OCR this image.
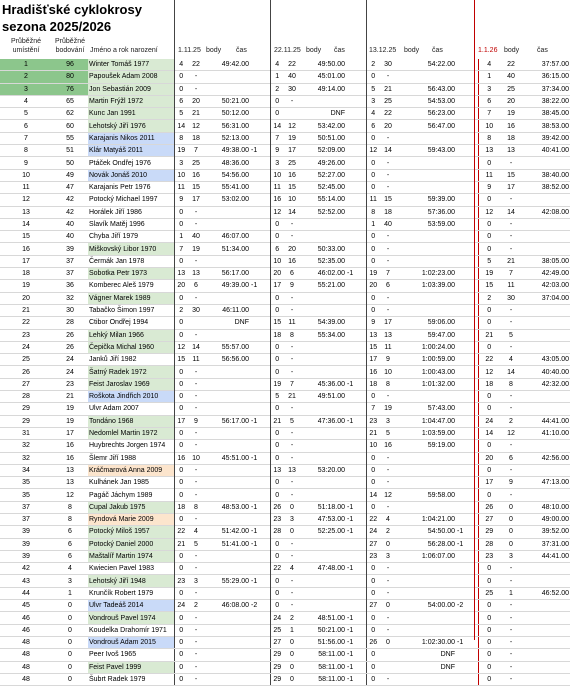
Hradišťské cyklokrosy
sezona 2025/2026
Průběžné
umístění
Průběžné
bodování Jméno a rok narození	1.11.25 body čas	22.11.25 body čas	13.12.25 body čas	1.1.26 body	čas
1	96	Winter Tomáš 1977	4	22	49:42.00		4	22	49:50.00		2	30	54:22.00		4	22	37:57.00
2	80	Papoušek Adam 2008	0	-			1	40	45:01.00		0	-			1	40	36:15.00
3	76	Jon Sebastián 2009	0	-			2	30	49:14.00		5	21	56:43.00		3	25	37:34.00
4	65	Martin Frýžl 1972	6	20	50:21.00		0	-			3	25	54:53.00		6	20	38:22.00
5	62	Kunc Jan 1991	5	21	50:12.00		0		DNF		4	22	56:23.00		7	19	38:45.00
6	60	Lehotský Jiří 1976	14	12	56:31.00		14	12	53:42.00		6	20	56:47.00		10	16	38:53.00
7	55	Karajanis Nikos 2011	8	18	52:13.00		7	19	50:51.00		0	-			8	18	39:42.00
8	51	Klár Matyáš 2011	19	7	49:38.00	-1	9	17	52:09.00		12	14	59:43.00		13	13	40:41.00
9	50	Ptáček Ondřej 1976	3	25	48:36.00		3	25	49:26.00		0	-			0	-	
10	49	Novák Jonáš 2010	10	16	54:56.00		10	16	52:27.00		0	-			11	15	38:40.00
11	47	Karajanis Petr 1976	11	15	55:41.00		11	15	52:45.00		0	-			9	17	38:52.00
12	42	Potocký Michael 1997	9	17	53:02.00		16	10	55:14.00		11	15	59:39.00		0	-	
13	42	Horálek Jiří 1986	0	-			12	14	52:52.00		8	18	57:36.00		12	14	42:08.00
14	40	Slavík Matěj 1996	0	-			0	-			1	40	53:59.00		0	-	
15	40	Chyba Jiří 1979	1	40	46:07.00		0	-			0	-			0	-	
16	39	Miškovský Libor 1970	7	19	51:34.00		6	20	50:33.00		0	-			0	-	
17	37	Čermák Jan 1978	0	-			10	16	52:35.00		0	-			5	21	38:05.00
18	37	Sobotka Petr 1973	13	13	56:17.00		20	6	46:02.00	-1	19	7	1:02:23.00		19	7	42:49.00
19	36	Komberec Aleš 1979	20	6	49:39.00	-1	17	9	55:21.00		20	6	1:03:39.00		15	11	42:03.00
20	32	Vágner Marek 1989	0	-			0	-			0	-			2	30	37:04.00
21	30	Tabačko Šimon 1997	2	30	46:11.00		0	-			0	-			0	-	
22	28	Ctibor Ondřej 1994	0		DNF		15	11	54:39.00		9	17	59:06.00		0	-	
23	26	Lehký Milan 1966	0	-			18	8	55:34.00		13	13	59:47.00		21	5	
24	26	Čepička Michal 1960	12	14	55:57.00		0	-			15	11	1:00:24.00		0	-	
25	24	Janků Jiří 1982	15	11	56:56.00		0	-			17	9	1:00:59.00		22	4	43:05.00
26	24	Šatný Radek 1972	0	-			0	-			16	10	1:00:43.00		12	14	40:40.00
27	23	Feist Jaroslav 1969	0	-			19	7	45:36.00	-1	18	8	1:01:32.00		18	8	42:32.00
28	21	Roškota Jindřich 2010	0	-			5	21	49:51.00		0	-			0	-	
29	19	Ulvr Adam 2007	0	-			0	-			7	19	57:43.00		0	-	
29	19	Tondáno 1968	17	9	56:17.00	-1	21	5	47:36.00	-1	23	3	1:04:47.00		24	2	44:41.00
31	17	Nedomlel Martin 1972	0	-			0	-			21	5	1:03:59.00		14	12	41:10.00
32	16	Huybrechts Jorgen 1974	0	-			0	-			10	16	59:19.00		0	-	
32	16	Šlemr Jiří 1988	16	10	45:51.00	-1	0	-			0	-			20	6	42:56.00
34	13	Kráčmarová Anna 2009	0	-			13	13	53:20.00		0	-			0	-	
35	13	Kulhánek Jan 1985	0	-			0	-			0	-			17	9	47:13.00
35	12	Pagáč Jáchym 1989	0	-			0	-			14	12	59:58.00		0	-	
37	8	Cupal Jakub 1975	18	8	48:53.00	-1	26	0	51:18.00	-1	0	-			26	0	48:10.00
37	8	Ryndová Marie 2009	0	-			23	3	47:53.00	-1	22	4	1:04:21.00		27	0	49:00.00
39	6	Potocký Miloš 1957	22	4	51:42.00	-1	28	0	52:25.00	-1	24	2	54:50.00	-1	29	0	39:52.00
39	6	Potocký Daniel 2000	21	5	51:41.00	-1	0	-			27	0	56:28.00	-1	28	0	37:31.00
39	6	Maštalíř Martin 1974	0	-			0	-			23	3	1:06:07.00		23	3	44:41.00
42	4	Kwiecien Pavel 1983	0	-			22	4	47:48.00	-1	0	-			0	-	
43	3	Lehotský Jiří 1948	23	3	55:29.00	-1	0	-			0	-			0	-	
44	1	Krunčík Robert 1979	0	-			0	-			0	-			25	1	46:52.00
45	0	Ulvr Tadeáš 2014	24	2	46:08.00	-2	0	-			27	0	54:00.00	-2	0	-	
46	0	Vondrouš Pavel 1974	0	-			24	2	48:51.00	-1	0	-			0	-	
46	0	Koudelka Drahomír 1971	0	-			25	1	50:21.00	-1	0	-			0	-	
48	0	Vondrouš Adam 2015	0	-			27	0	51:56.00	-1	26	0	1:02:30.00	-1	0	-	
48	0	Peer Ivoš 1965	0	-			29	0	58:11.00	-1	0		DNF		0	-	
48	0	Feist Pavel 1999	0	-			29	0	58:11.00	-1	0		DNF		0	-	
48	0	Šubrt Radek 1979	0	-			29	0	58:11.00	-1	0	-			0	-	
